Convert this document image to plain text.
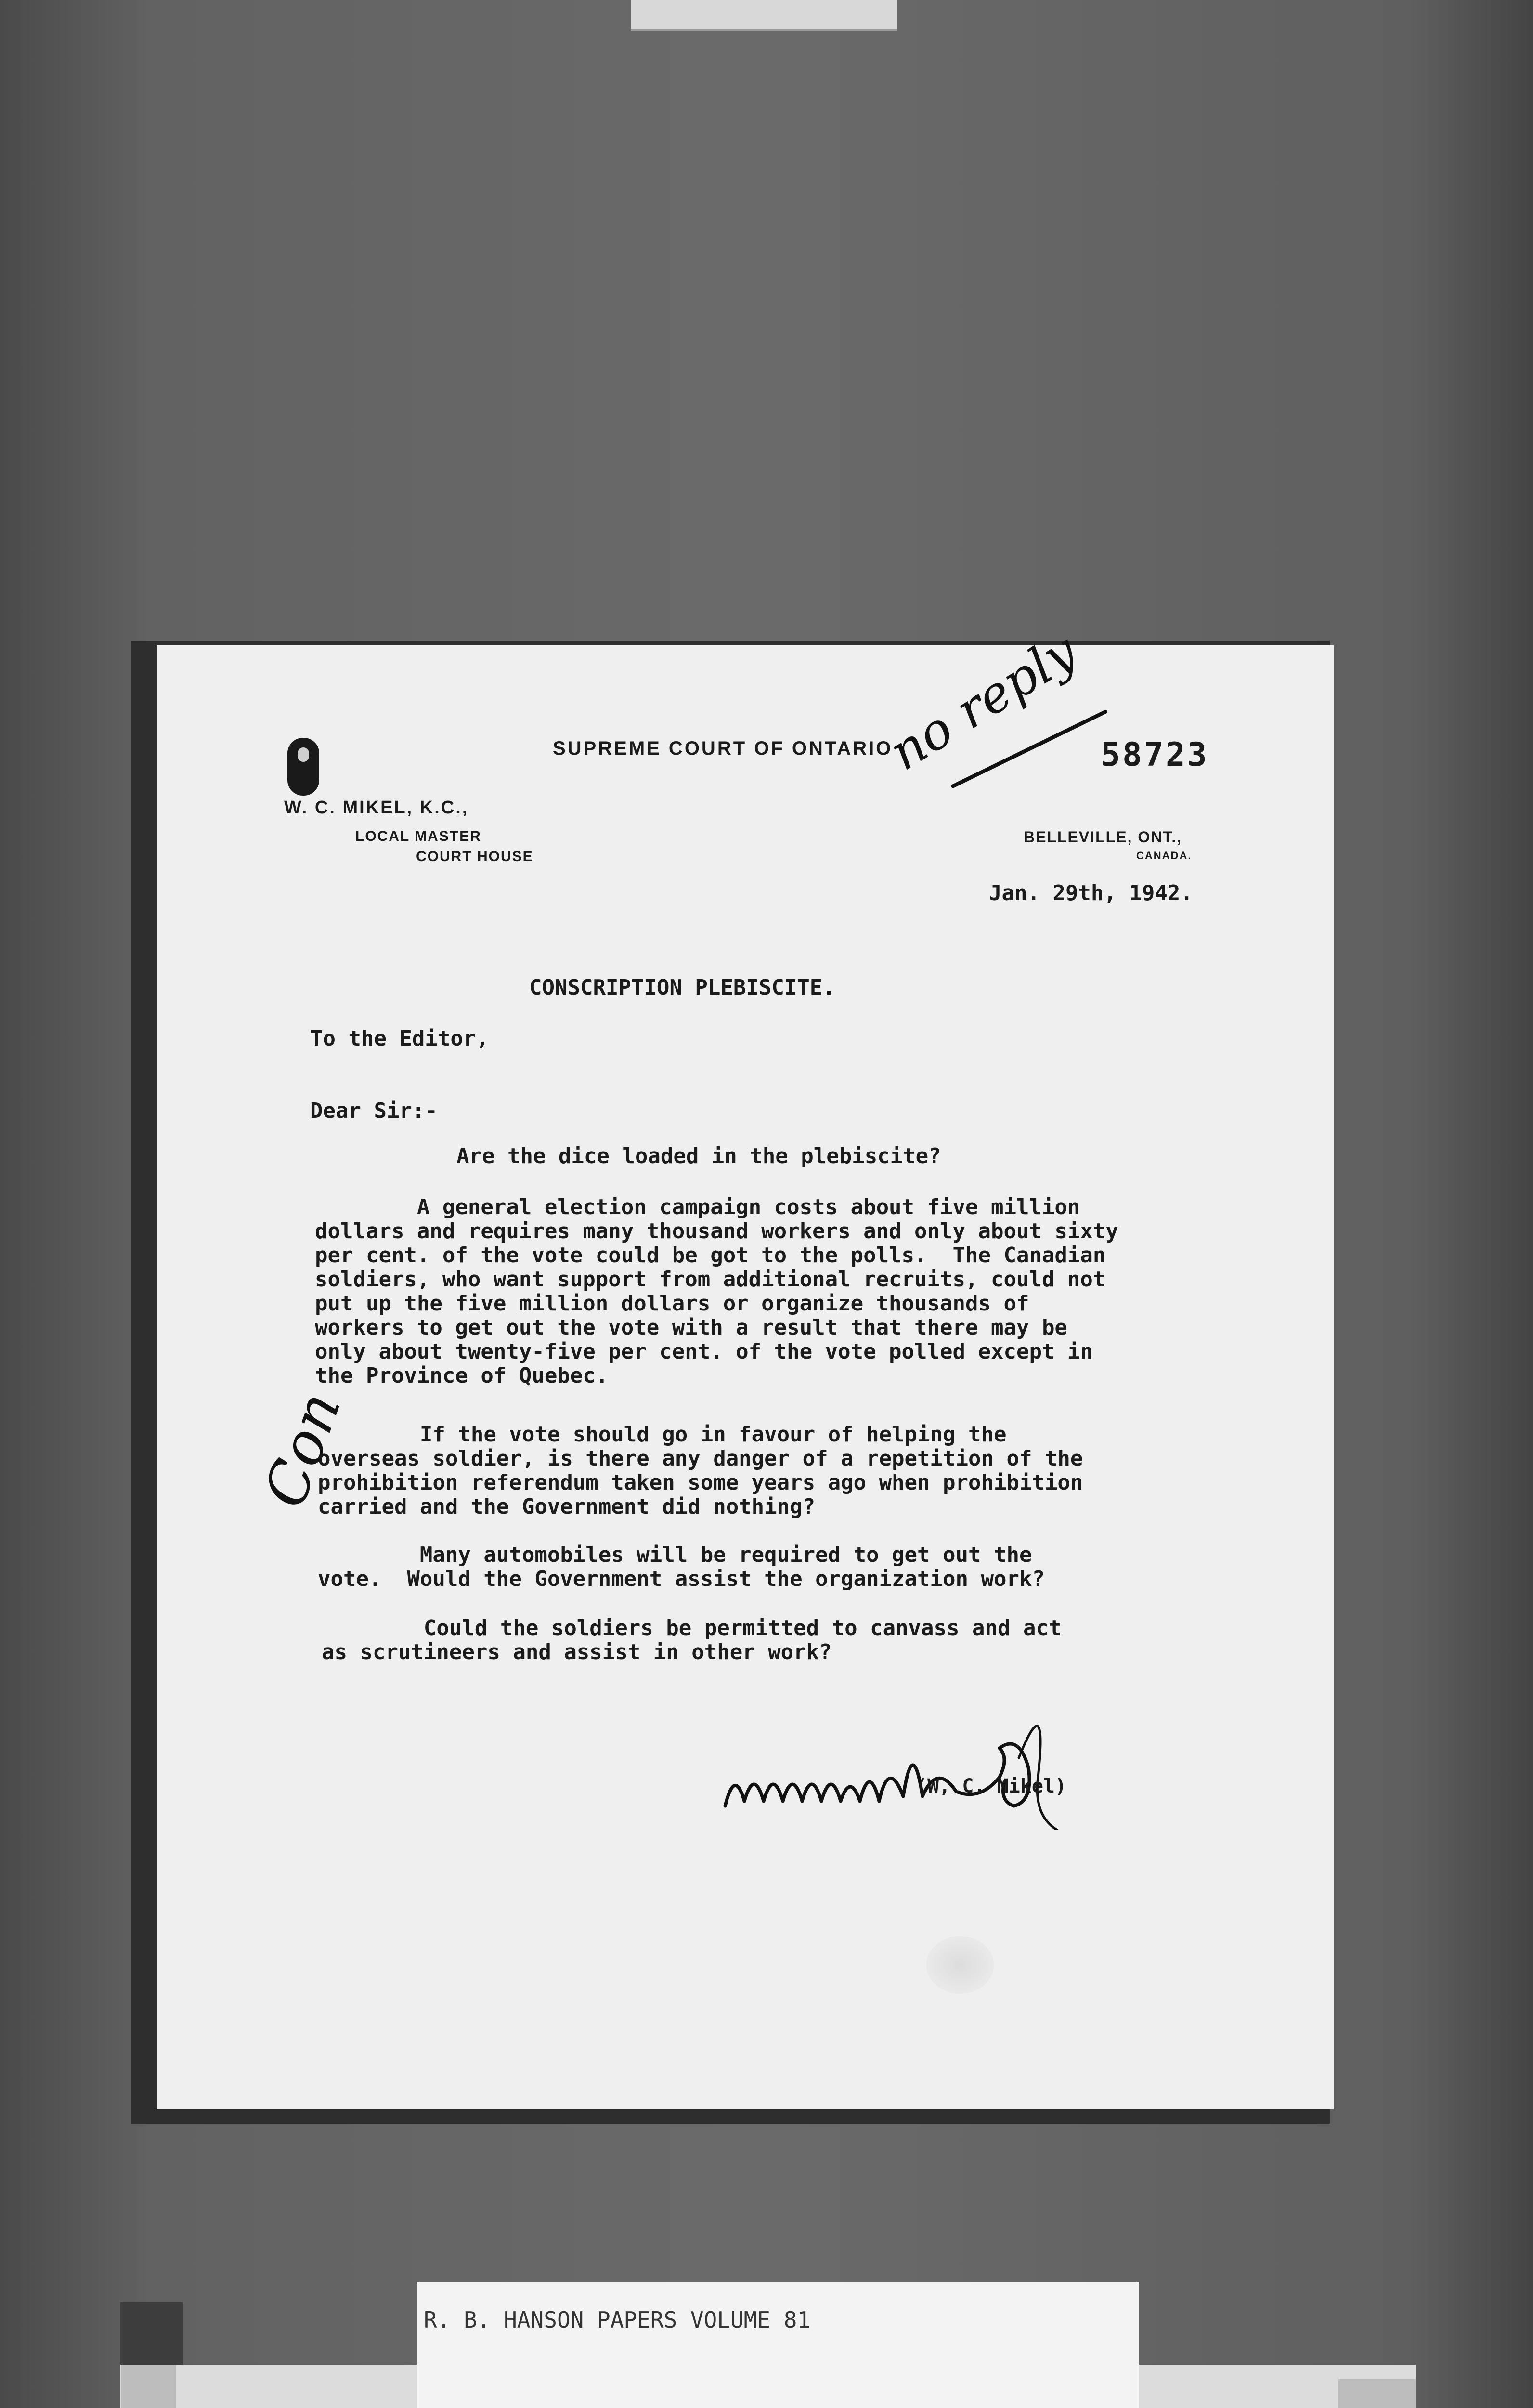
SUPREME COURT OF ONTARIO
W. C. MIKEL, K.C.,
LOCAL MASTER
COURT HOUSE
BELLEVILLE, ONT.,
CANADA.
58723
no reply
Con
Jan. 29th, 1942.
CONSCRIPTION PLEBISCITE.
To the Editor,
Dear Sir:-
Are the dice loaded in the plebiscite?
A general election campaign costs about five million
dollars and requires many thousand workers and only about sixty
per cent. of the vote could be got to the polls.  The Canadian
soldiers, who want support from additional recruits, could not
put up the five million dollars or organize thousands of
workers to get out the vote with a result that there may be
only about twenty-five per cent. of the vote polled except in
the Province of Quebec.
If the vote should go in favour of helping the
overseas soldier, is there any danger of a repetition of the
prohibition referendum taken some years ago when prohibition
carried and the Government did nothing?
Many automobiles will be required to get out the
vote.  Would the Government assist the organization work?
Could the soldiers be permitted to canvass and act
as scrutineers and assist in other work?
(W, C. Mikel)
R. B. HANSON PAPERS VOLUME 81
